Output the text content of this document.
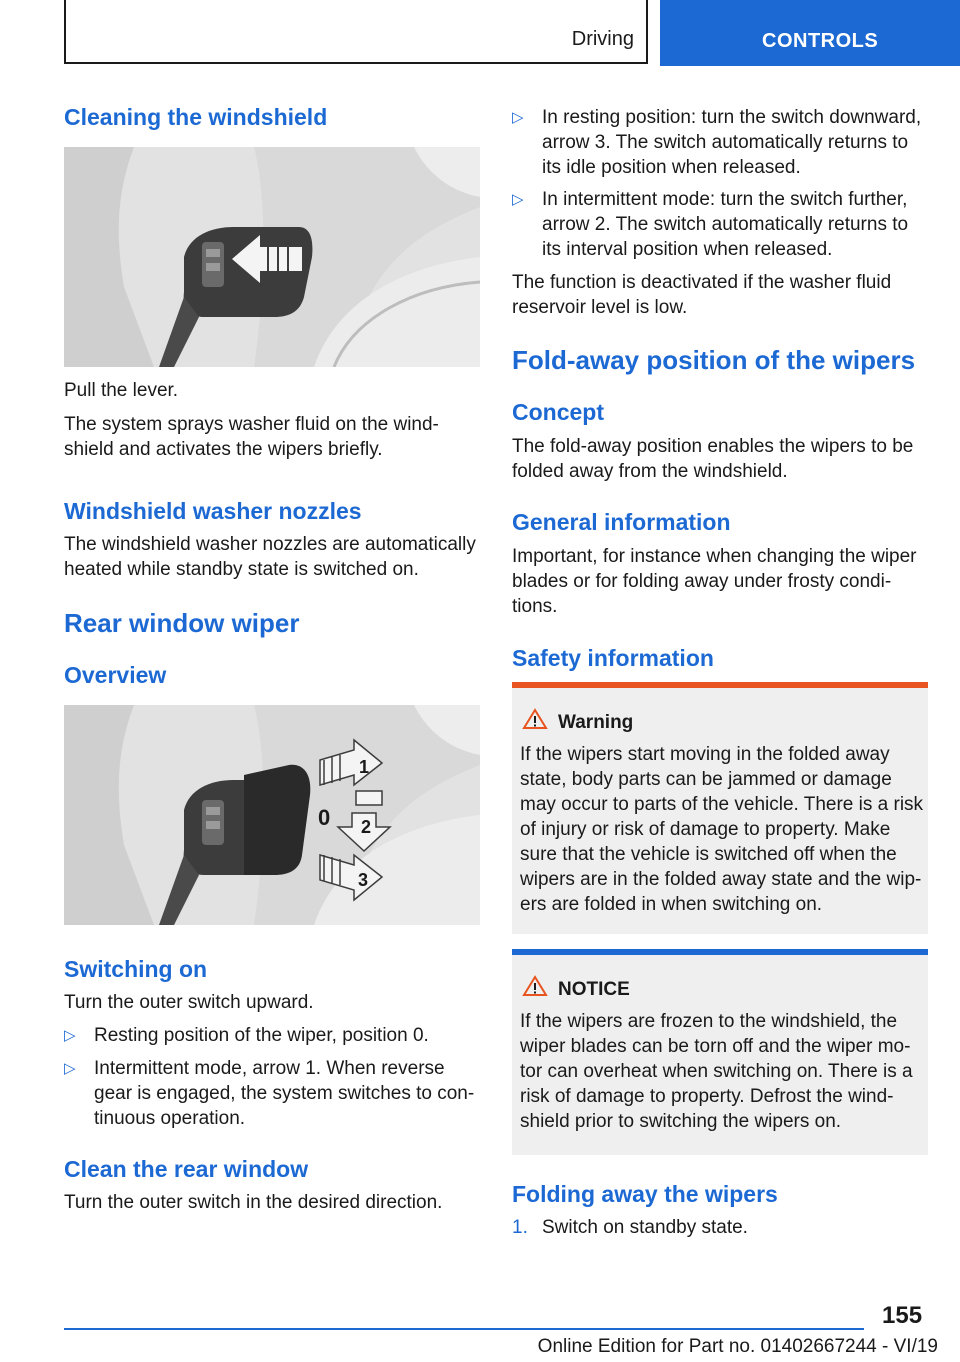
Driving	CONTROLS
Cleaning the windshield

Pull the lever.

The system sprays washer fluid on the wind‐
shield and activates the wipers briefly.

Windshield washer nozzles

The windshield washer nozzles are automatically
heated while standby state is switched on.

Rear window wiper
Overview
1
0 2
3
Switching on

Turn the outer switch upward.

▷ Resting position of the wiper, position 0.
▷ Intermittent mode, arrow 1. When reverse
gear is engaged, the system switches to con‐
tinuous operation.
Clean the rear window

Turn the outer switch in the desired direction.

▷ In resting position: turn the switch downward,
arrow 3. The switch automatically returns to
its idle position when released.
▷ In intermittent mode: turn the switch further,
arrow 2. The switch automatically returns to
its interval position when released.

The function is deactivated if the washer fluid
reservoir level is low.

Fold-away position of the wipers
Concept

The fold-away position enables the wipers to be
folded away from the windshield.

General information

Important, for instance when changing the wiper
blades or for folding away under frosty condi‐
tions.

Safety information
Warning
If the wipers start moving in the folded away
state, body parts can be jammed or damage
may occur to parts of the vehicle. There is a risk
of injury or risk of damage to property. Make
sure that the vehicle is switched off when the
wipers are in the folded away state and the wip‐
ers are folded in when switching on.
NOTICE
If the wipers are frozen to the windshield, the
wiper blades can be torn off and the wiper mo‐
tor can overheat when switching on. There is a
risk of damage to property. Defrost the wind‐
shield prior to switching the wipers on.
Folding away the wipers
1. Switch on standby state.
155
Online Edition for Part no. 01402667244 - VI/19
